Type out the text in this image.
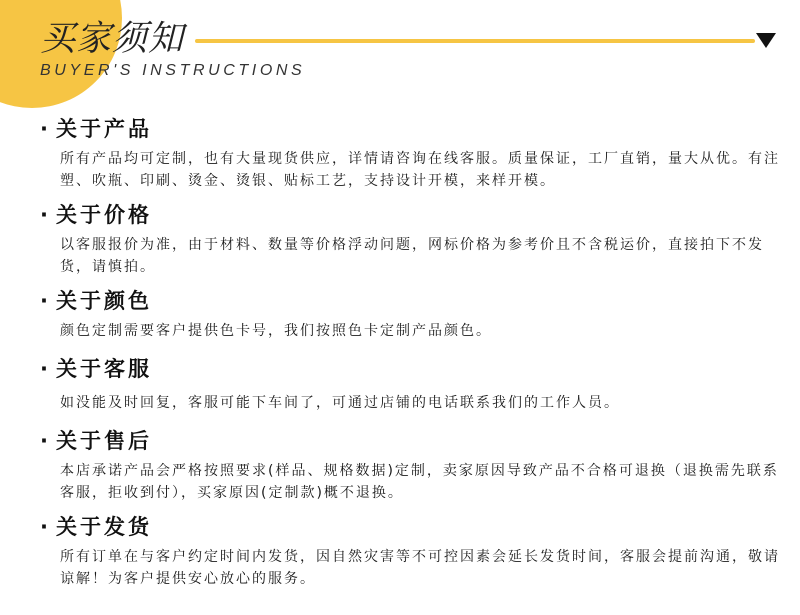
买家须知
BUYER'S INSTRUCTIONS
· 关于产品
所有产品均可定制，也有大量现货供应，详情请咨询在线客服。质量保证，工厂直销，量大从优。有注塑、吹瓶、印刷、烫金、烫银、贴标工艺，支持设计开模，来样开模。
· 关于价格
以客服报价为准，由于材料、数量等价格浮动问题，网标价格为参考价且不含税运价，直接拍下不发货，请慎拍。
· 关于颜色
颜色定制需要客户提供色卡号，我们按照色卡定制产品颜色。
· 关于客服
如没能及时回复，客服可能下车间了，可通过店铺的电话联系我们的工作人员。
· 关于售后
本店承诺产品会严格按照要求(样品、规格数据)定制，卖家原因导致产品不合格可退换（退换需先联系客服，拒收到付），买家原因(定制款)概不退换。
· 关于发货
所有订单在与客户约定时间内发货，因自然灾害等不可控因素会延长发货时间，客服会提前沟通，敬请谅解！为客户提供安心放心的服务。
